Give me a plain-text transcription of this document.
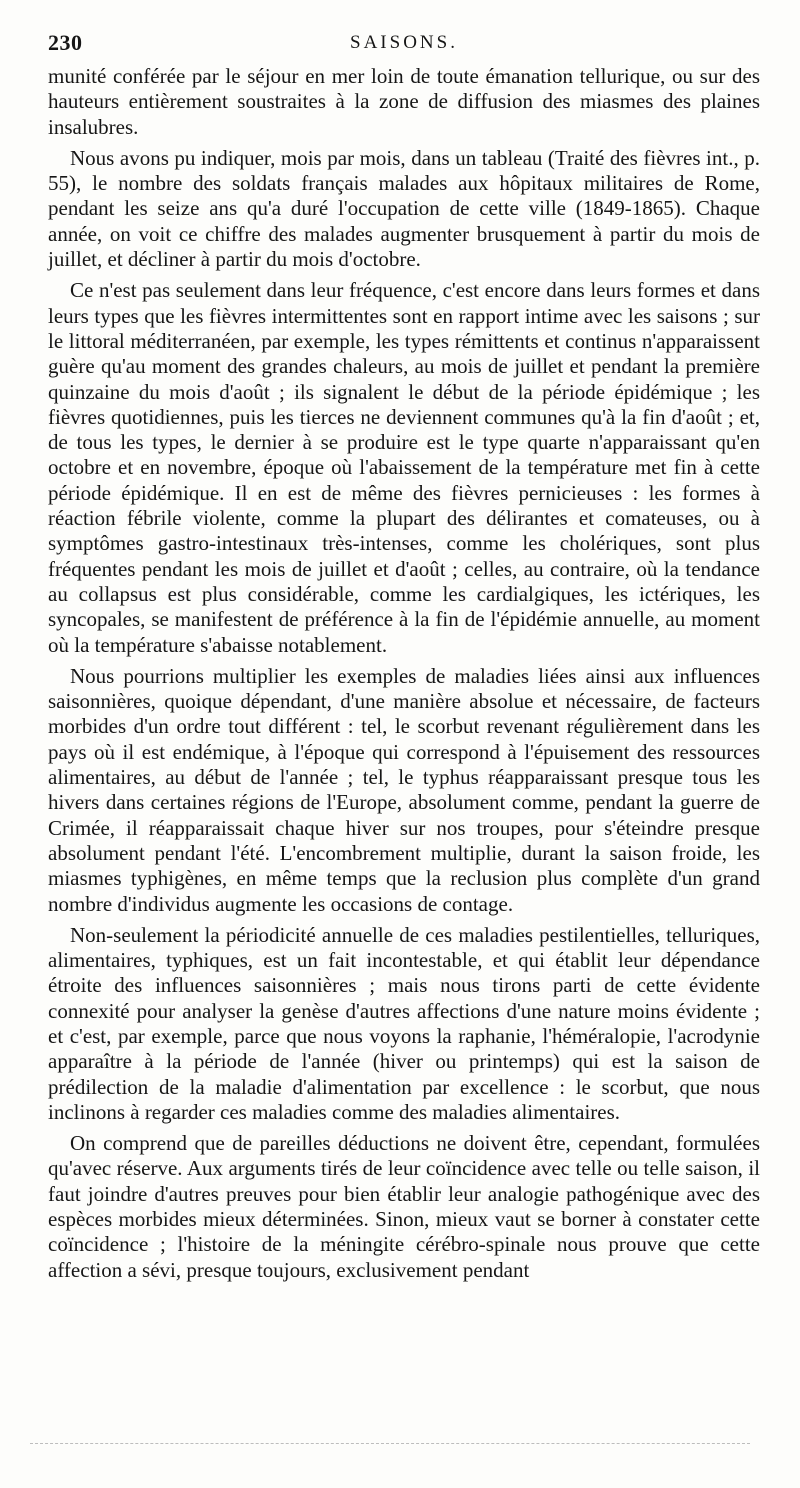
230	SAISONS.

munité conférée par le séjour en mer loin de toute émanation tellurique, ou sur des hauteurs entièrement soustraites à la zone de diffusion des miasmes des plaines insalubres.

Nous avons pu indiquer, mois par mois, dans un tableau (Traité des fièvres int., p. 55), le nombre des soldats français malades aux hôpitaux militaires de Rome, pendant les seize ans qu'a duré l'occupation de cette ville (1849-1865). Chaque année, on voit ce chiffre des malades augmenter brusquement à partir du mois de juillet, et décliner à partir du mois d'octobre.

Ce n'est pas seulement dans leur fréquence, c'est encore dans leurs formes et dans leurs types que les fièvres intermittentes sont en rapport intime avec les saisons ; sur le littoral méditerranéen, par exemple, les types rémittents et continus n'apparaissent guère qu'au moment des grandes chaleurs, au mois de juillet et pendant la première quinzaine du mois d'août ; ils signalent le début de la période épidémique ; les fièvres quotidiennes, puis les tierces ne deviennent communes qu'à la fin d'août ; et, de tous les types, le dernier à se produire est le type quarte n'apparaissant qu'en octobre et en novembre, époque où l'abaissement de la température met fin à cette période épidémique. Il en est de même des fièvres pernicieuses : les formes à réaction fébrile violente, comme la plupart des délirantes et comateuses, ou à symptômes gastro-intestinaux très-intenses, comme les cholériques, sont plus fréquentes pendant les mois de juillet et d'août ; celles, au contraire, où la tendance au collapsus est plus considérable, comme les cardialgiques, les ictériques, les syncopales, se manifestent de préférence à la fin de l'épidémie annuelle, au moment où la température s'abaisse notablement.

Nous pourrions multiplier les exemples de maladies liées ainsi aux influences saisonnières, quoique dépendant, d'une manière absolue et nécessaire, de facteurs morbides d'un ordre tout différent : tel, le scorbut revenant régulièrement dans les pays où il est endémique, à l'époque qui correspond à l'épuisement des ressources alimentaires, au début de l'année ; tel, le typhus réapparaissant presque tous les hivers dans certaines régions de l'Europe, absolument comme, pendant la guerre de Crimée, il réapparaissait chaque hiver sur nos troupes, pour s'éteindre presque absolument pendant l'été. L'encombrement multiplie, durant la saison froide, les miasmes typhigènes, en même temps que la reclusion plus complète d'un grand nombre d'individus augmente les occasions de contage.

Non-seulement la périodicité annuelle de ces maladies pestilentielles, telluriques, alimentaires, typhiques, est un fait incontestable, et qui établit leur dépendance étroite des influences saisonnières ; mais nous tirons parti de cette évidente connexité pour analyser la genèse d'autres affections d'une nature moins évidente ; et c'est, par exemple, parce que nous voyons la raphanie, l'héméralopie, l'acrodynie apparaître à la période de l'année (hiver ou printemps) qui est la saison de prédilection de la maladie d'alimentation par excellence : le scorbut, que nous inclinons à regarder ces maladies comme des maladies alimentaires.

On comprend que de pareilles déductions ne doivent être, cependant, formulées qu'avec réserve. Aux arguments tirés de leur coïncidence avec telle ou telle saison, il faut joindre d'autres preuves pour bien établir leur analogie pathogénique avec des espèces morbides mieux déterminées. Sinon, mieux vaut se borner à constater cette coïncidence ; l'histoire de la méningite cérébro-spinale nous prouve que cette affection a sévi, presque toujours, exclusivement pendant
